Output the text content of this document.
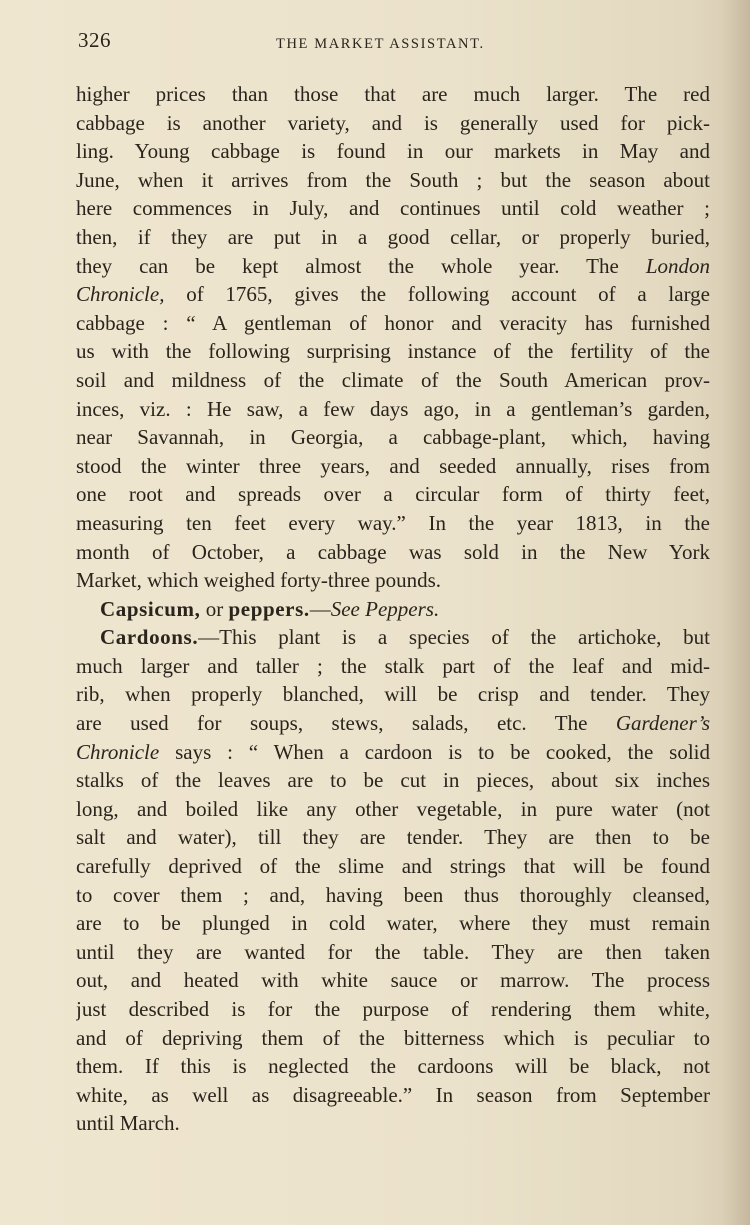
326	THE MARKET ASSISTANT.
higher prices than those that are much larger. The red
cabbage is another variety, and is generally used for pick-
ling. Young cabbage is found in our markets in May and
June, when it arrives from the South ; but the season about
here commences in July, and continues until cold weather ;
then, if they are put in a good cellar, or properly buried,
they can be kept almost the whole year. The London
Chronicle, of 1765, gives the following account of a large
cabbage : “ A gentleman of honor and veracity has furnished
us with the following surprising instance of the fertility of the
soil and mildness of the climate of the South American prov-
inces, viz. : He saw, a few days ago, in a gentleman’s garden,
near Savannah, in Georgia, a cabbage-plant, which, having
stood the winter three years, and seeded annually, rises from
one root and spreads over a circular form of thirty feet,
measuring ten feet every way.” In the year 1813, in the
month of October, a cabbage was sold in the New York
Market, which weighed forty-three pounds.
Capsicum, or peppers.—See Peppers.
Cardoons.—This plant is a species of the artichoke, but
much larger and taller ; the stalk part of the leaf and mid-
rib, when properly blanched, will be crisp and tender. They
are used for soups, stews, salads, etc. The Gardener’s
Chronicle says : “ When a cardoon is to be cooked, the solid
stalks of the leaves are to be cut in pieces, about six inches
long, and boiled like any other vegetable, in pure water (not
salt and water), till they are tender. They are then to be
carefully deprived of the slime and strings that will be found
to cover them ; and, having been thus thoroughly cleansed,
are to be plunged in cold water, where they must remain
until they are wanted for the table. They are then taken
out, and heated with white sauce or marrow. The process
just described is for the purpose of rendering them white,
and of depriving them of the bitterness which is peculiar to
them. If this is neglected the cardoons will be black, not
white, as well as disagreeable.” In season from September
until March.
